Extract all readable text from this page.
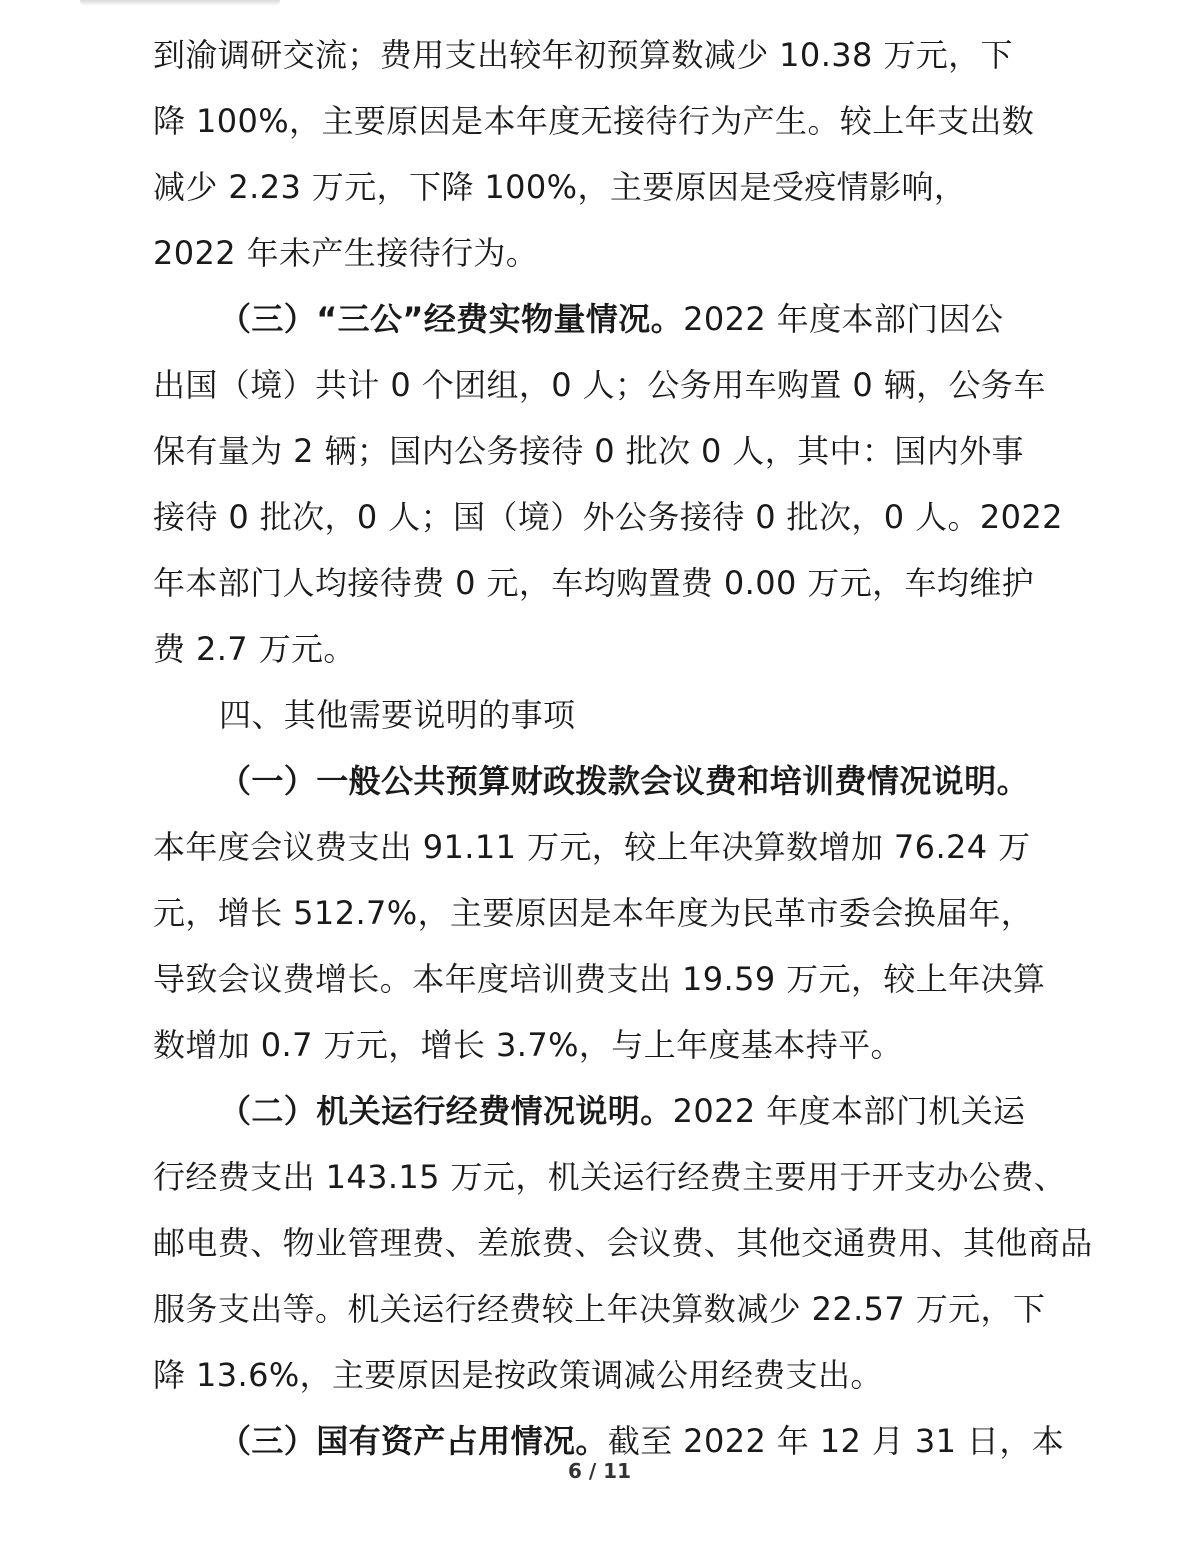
到渝调研交流；费用支出较年初预算数减少 10.38 万元，下
降 100%，主要原因是本年度无接待行为产生。较上年支出数
减少 2.23 万元，下降 100%，主要原因是受疫情影响，
2022 年未产生接待行为。
（三）“三公”经费实物量情况。2022 年度本部门因公
出国（境）共计 0 个团组，0 人；公务用车购置 0 辆，公务车
保有量为 2 辆；国内公务接待 0 批次 0 人，其中：国内外事
接待 0 批次，0 人；国（境）外公务接待 0 批次，0 人。2022
年本部门人均接待费 0 元，车均购置费 0.00 万元，车均维护
费 2.7 万元。
四、其他需要说明的事项
（一）一般公共预算财政拨款会议费和培训费情况说明。
本年度会议费支出 91.11 万元，较上年决算数增加 76.24 万
元，增长 512.7%，主要原因是本年度为民革市委会换届年，
导致会议费增长。本年度培训费支出 19.59 万元，较上年决算
数增加 0.7 万元，增长 3.7%，与上年度基本持平。
（二）机关运行经费情况说明。2022 年度本部门机关运
行经费支出 143.15 万元，机关运行经费主要用于开支办公费、
邮电费、物业管理费、差旅费、会议费、其他交通费用、其他商品
服务支出等。机关运行经费较上年决算数减少 22.57 万元，下
降 13.6%，主要原因是按政策调减公用经费支出。
（三）国有资产占用情况。截至 2022 年 12 月 31 日，本
6 / 11
